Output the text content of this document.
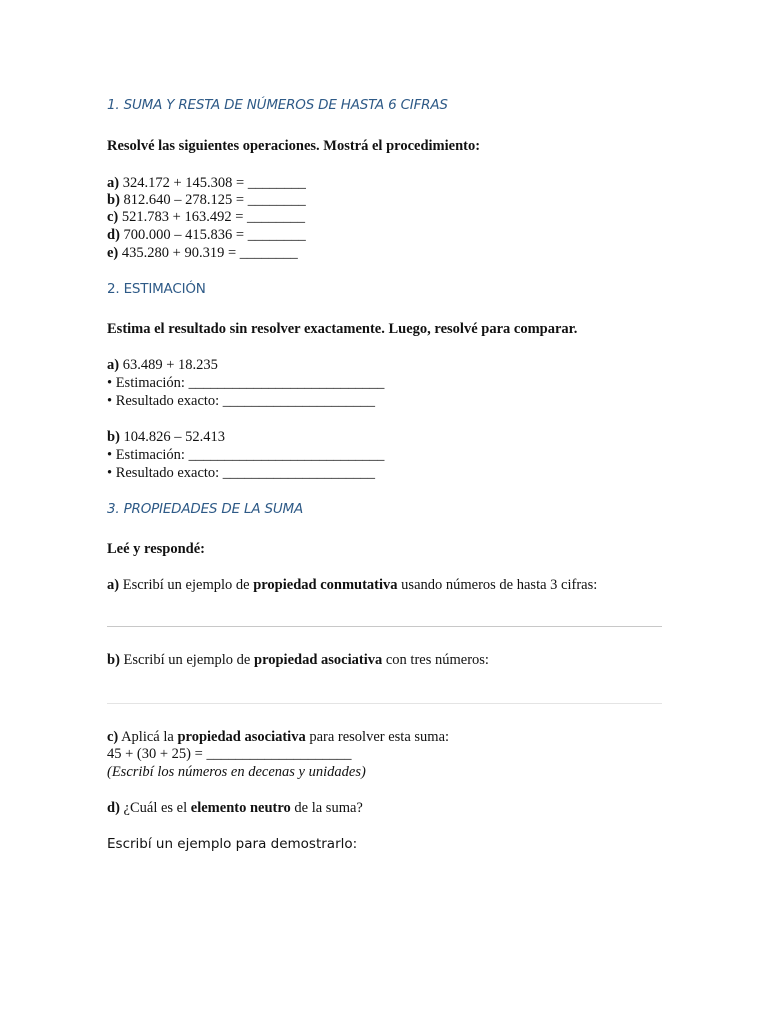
1. SUMA Y RESTA DE NÚMEROS DE HASTA 6 CIFRAS
Resolvé las siguientes operaciones. Mostrá el procedimiento:
a) 324.172 + 145.308 = ________
b) 812.640 – 278.125 = ________
c) 521.783 + 163.492 = ________
d) 700.000 – 415.836 = ________
e) 435.280 + 90.319 = ________
2. ESTIMACIÓN
Estima el resultado sin resolver exactamente. Luego, resolvé para comparar.
a) 63.489 + 18.235
• Estimación: ___________________________
• Resultado exacto: _____________________
b) 104.826 – 52.413
• Estimación: ___________________________
• Resultado exacto: _____________________
3. PROPIEDADES DE LA SUMA
Leé y respondé:
a) Escribí un ejemplo de propiedad conmutativa usando números de hasta 3 cifras:
b) Escribí un ejemplo de propiedad asociativa con tres números:
c) Aplicá la propiedad asociativa para resolver esta suma:
45 + (30 + 25) = ____________________
(Escribí los números en decenas y unidades)
d) ¿Cuál es el elemento neutro de la suma?
Escribí un ejemplo para demostrarlo:
